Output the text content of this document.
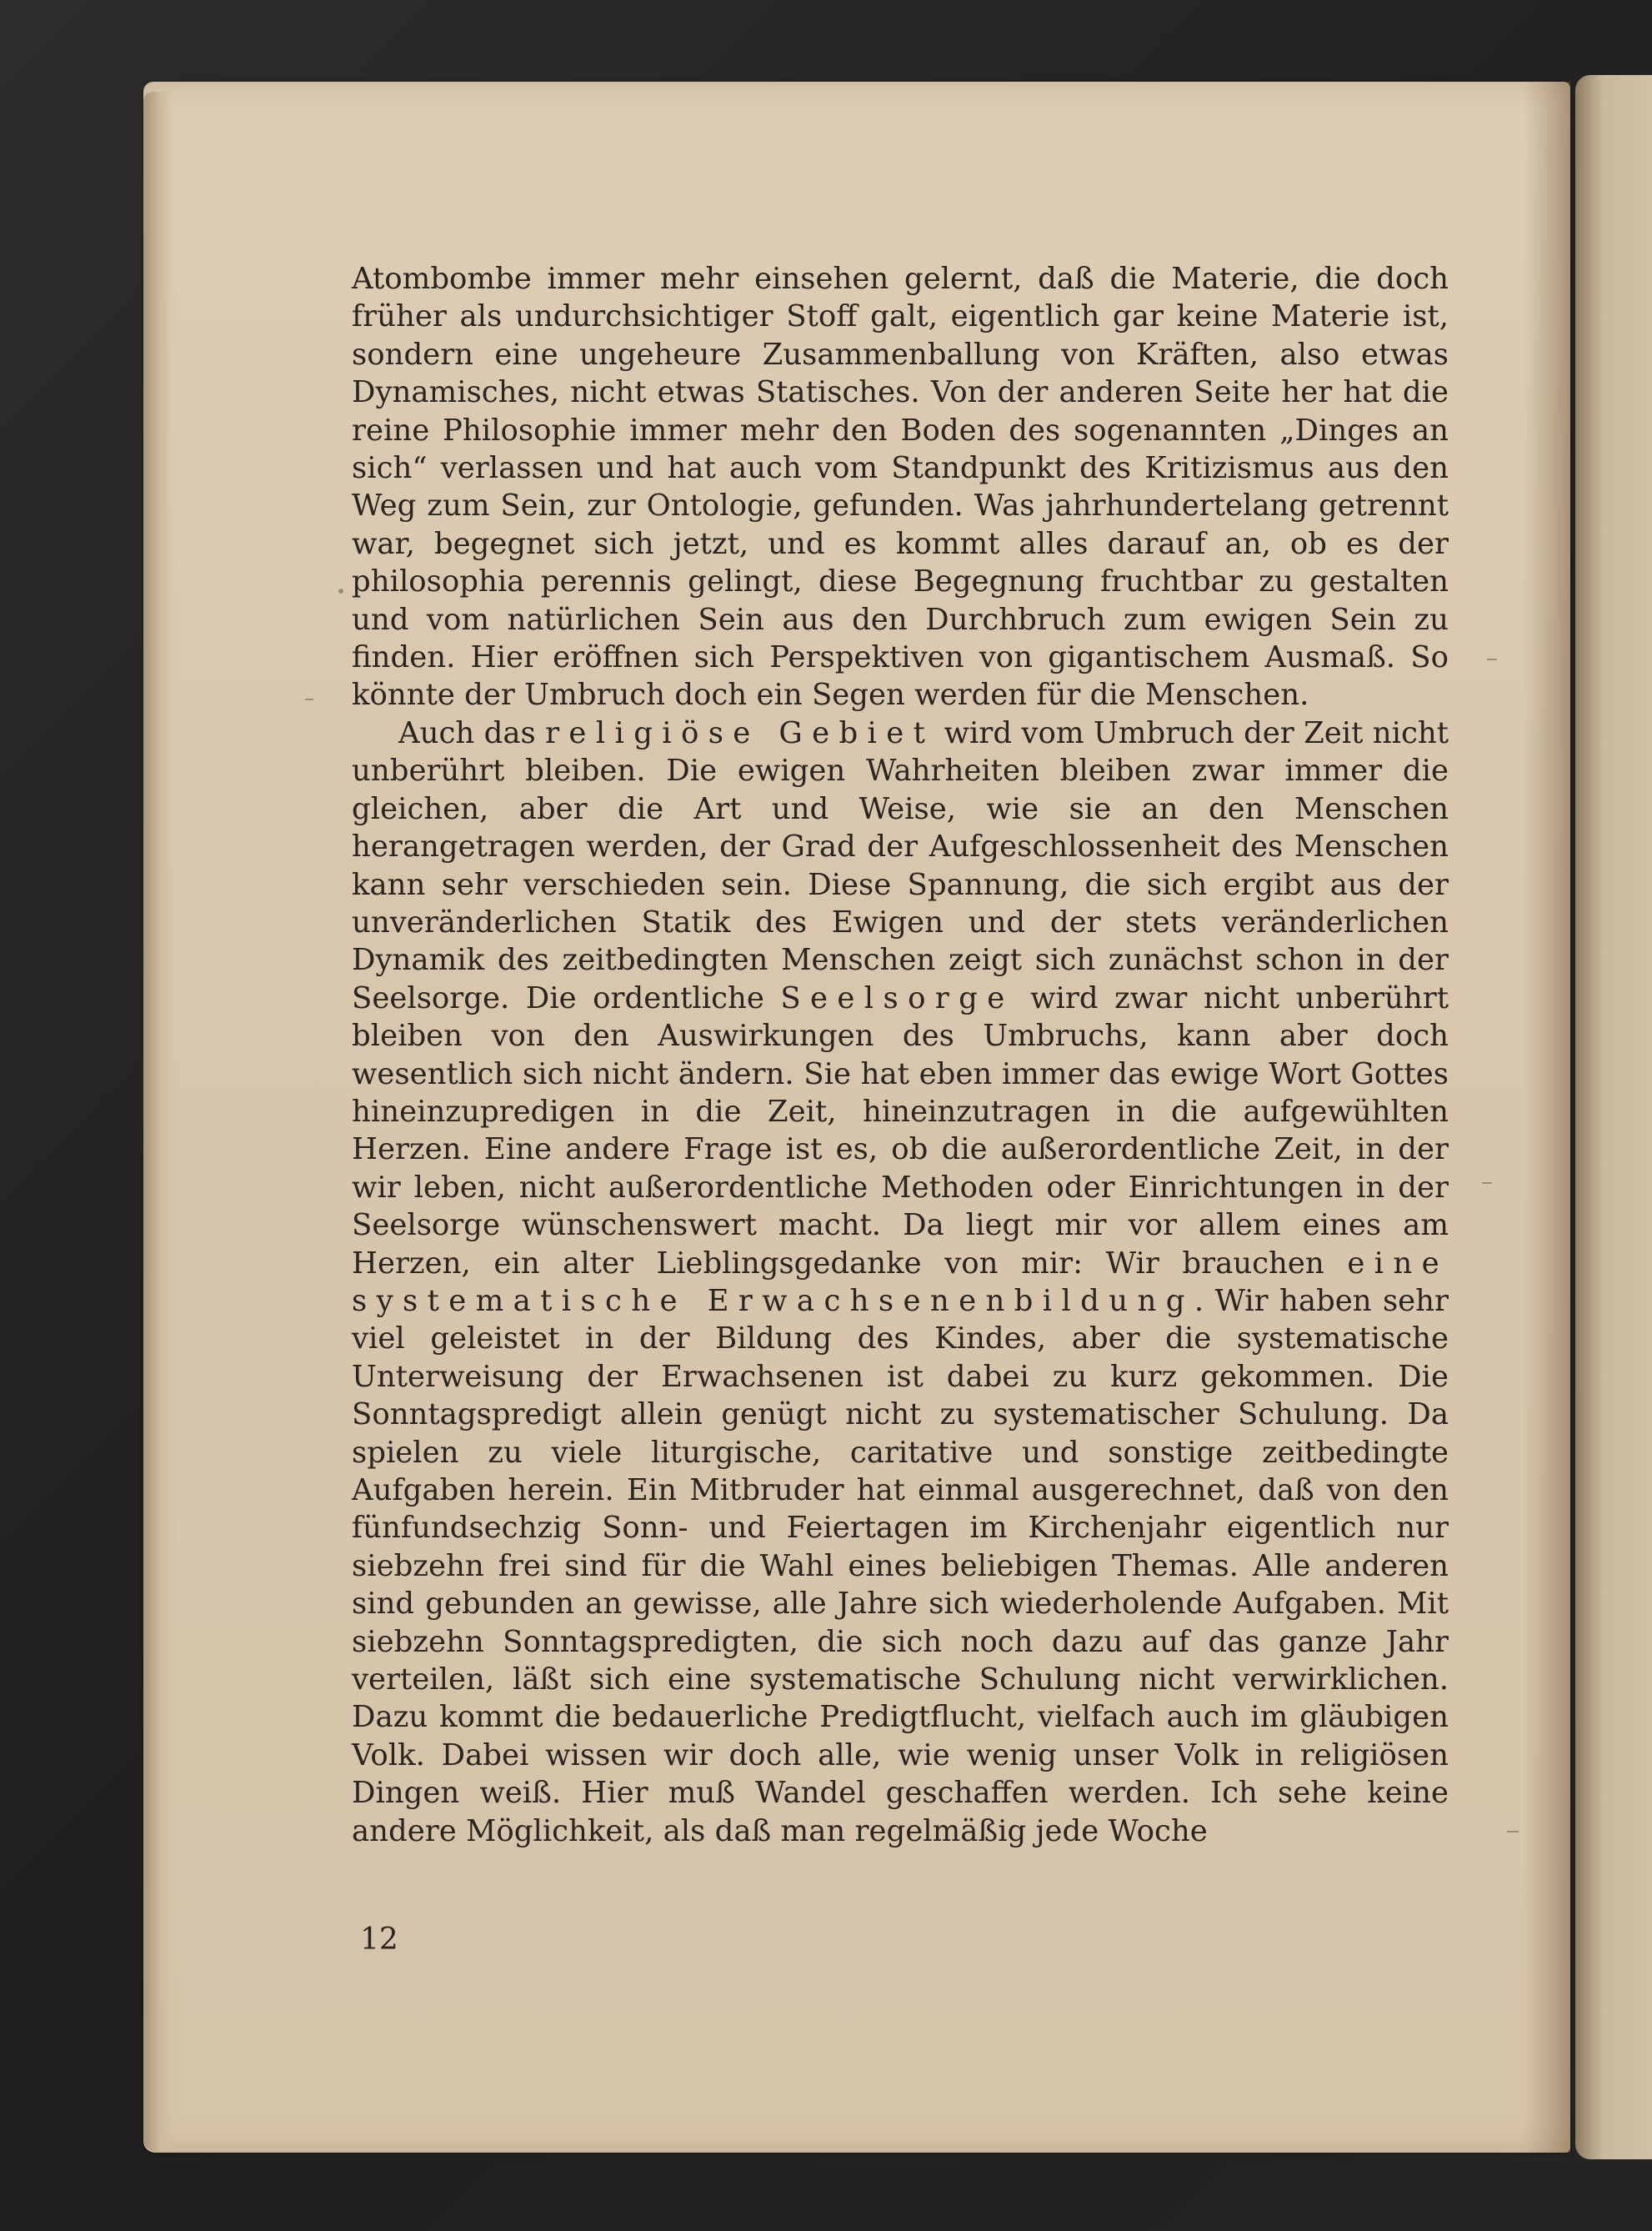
Atombombe immer mehr einsehen gelernt, daß die Materie, die doch früher als undurchsichtiger Stoff galt, eigentlich gar keine Materie ist, sondern eine ungeheure Zusammenballung von Kräften, also etwas Dynamisches, nicht etwas Statisches. Von der anderen Seite her hat die reine Philosophie immer mehr den Boden des sogenannten „Dinges an sich“ verlassen und hat auch vom Standpunkt des Kritizismus aus den Weg zum Sein, zur Ontologie, gefunden. Was jahrhundertelang getrennt war, begegnet sich jetzt, und es kommt alles darauf an, ob es der philosophia perennis gelingt, diese Begegnung fruchtbar zu gestalten und vom natürlichen Sein aus den Durchbruch zum ewigen Sein zu finden. Hier eröffnen sich Perspektiven von gigantischem Ausmaß. So könnte der Umbruch doch ein Segen werden für die Menschen.

Auch das religiöse Gebiet wird vom Umbruch der Zeit nicht unberührt bleiben. Die ewigen Wahrheiten bleiben zwar immer die gleichen, aber die Art und Weise, wie sie an den Menschen herangetragen werden, der Grad der Aufgeschlossenheit des Menschen kann sehr verschieden sein. Diese Spannung, die sich ergibt aus der unveränderlichen Statik des Ewigen und der stets veränderlichen Dynamik des zeitbedingten Menschen zeigt sich zunächst schon in der Seelsorge. Die ordentliche Seelsorge wird zwar nicht unberührt bleiben von den Auswirkungen des Umbruchs, kann aber doch wesentlich sich nicht ändern. Sie hat eben immer das ewige Wort Gottes hineinzupredigen in die Zeit, hineinzutragen in die aufgewühlten Herzen. Eine andere Frage ist es, ob die außerordentliche Zeit, in der wir leben, nicht außerordentliche Methoden oder Einrichtungen in der Seelsorge wünschenswert macht. Da liegt mir vor allem eines am Herzen, ein alter Lieblingsgedanke von mir: Wir brauchen eine systematische Erwachsenenbildung. Wir haben sehr viel geleistet in der Bildung des Kindes, aber die systematische Unterweisung der Erwachsenen ist dabei zu kurz gekommen. Die Sonntagspredigt allein genügt nicht zu systematischer Schulung. Da spielen zu viele liturgische, caritative und sonstige zeitbedingte Aufgaben herein. Ein Mitbruder hat einmal ausgerechnet, daß von den fünfundsechzig Sonn- und Feiertagen im Kirchenjahr eigentlich nur siebzehn frei sind für die Wahl eines beliebigen Themas. Alle anderen sind gebunden an gewisse, alle Jahre sich wiederholende Aufgaben. Mit siebzehn Sonntagspredigten, die sich noch dazu auf das ganze Jahr verteilen, läßt sich eine systematische Schulung nicht verwirklichen. Dazu kommt die bedauerliche Predigtflucht, vielfach auch im gläubigen Volk. Dabei wissen wir doch alle, wie wenig unser Volk in religiösen Dingen weiß. Hier muß Wandel geschaffen werden. Ich sehe keine andere Möglichkeit, als daß man regelmäßig jede Woche

12
